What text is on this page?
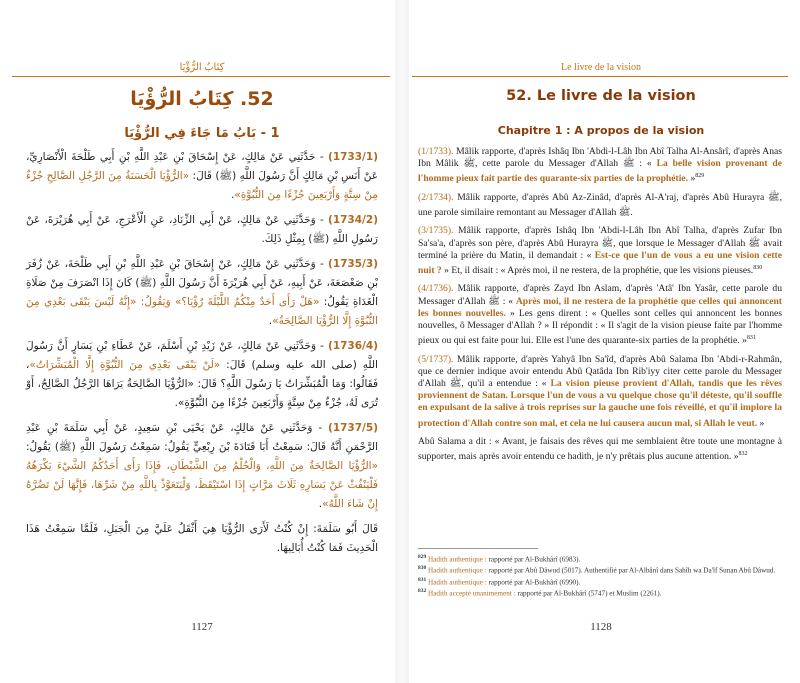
كِتَابُ الرُّؤْيَا
52. كِتَابُ الرُّؤْيَا
1 - بَابُ مَا جَاءَ فِي الرُّؤْيَا

(1733/1) - حَدَّثَنِي عَنْ مَالِكٍ، عَنْ إِسْحَاقَ بْنِ عَبْدِ اللَّهِ بْنِ أَبِي طَلْحَةَ الْأَنْصَارِيِّ، عَنْ أَنَسِ بْنِ مَالِكٍ أَنَّ رَسُولَ اللَّهِ (ﷺ) قَالَ: «الرُّؤْيَا الْحَسَنَةُ مِنَ الرَّجُلِ الصَّالِحِ جُزْءٌ مِنْ سِتَّةٍ وَأَرْبَعِينَ جُزْءًا مِنَ النُّبُوَّةِ».

(1734/2) - وَحَدَّثَنِي عَنْ مَالِكٍ، عَنْ أَبِي الزِّنَادِ، عَنِ الْأَعْرَجِ، عَنْ أَبِي هُرَيْرَةَ، عَنْ رَسُولِ اللَّهِ (ﷺ) بِمِثْلِ ذَلِكَ.

(1735/3) - وَحَدَّثَنِي عَنْ مَالِكٍ، عَنْ إِسْحَاقَ بْنِ عَبْدِ اللَّهِ بْنِ أَبِي طَلْحَةَ، عَنْ زُفَرَ بْنِ صَعْصَعَةَ، عَنْ أَبِيهِ، عَنْ أَبِي هُرَيْرَةَ أَنَّ رَسُولَ اللَّهِ (ﷺ) كَانَ إِذَا انْصَرَفَ مِنْ صَلَاةِ الْغَدَاةِ يَقُولُ: «هَلْ رَأَى أَحَدٌ مِنْكُمُ اللَّيْلَةَ رُؤْيَا؟» وَيَقُولُ: «إِنَّهُ لَيْسَ يَبْقَى بَعْدِي مِنَ النُّبُوَّةِ إِلَّا الرُّؤْيَا الصَّالِحَةُ».

(1736/4) - وَحَدَّثَنِي عَنْ مَالِكٍ، عَنْ زَيْدِ بْنِ أَسْلَمَ، عَنْ عَطَاءِ بْنِ يَسَارٍ أَنَّ رَسُولَ اللَّهِ (صلى الله عليه وسلم) قَالَ: «لَنْ يَبْقَى بَعْدِي مِنَ النُّبُوَّةِ إِلَّا الْمُبَشِّرَاتُ»، فَقَالُوا: وَمَا الْمُبَشِّرَاتُ يَا رَسُولَ اللَّهِ؟ قَالَ: «الرُّؤْيَا الصَّالِحَةُ يَرَاهَا الرَّجُلُ الصَّالِحُ، أَوْ تُرَى لَهُ، جُزْءٌ مِنْ سِتَّةٍ وَأَرْبَعِينَ جُزْءًا مِنَ النُّبُوَّةِ».

(1737/5) - وَحَدَّثَنِي عَنْ مَالِكٍ، عَنْ يَحْيَى بْنِ سَعِيدٍ، عَنْ أَبِي سَلَمَةَ بْنِ عَبْدِ الرَّحْمَنِ أَنَّهُ قَالَ: سَمِعْتُ أَبَا قَتَادَةَ بْنَ رِبْعِيٍّ يَقُولُ: سَمِعْتُ رَسُولَ اللَّهِ (ﷺ) يَقُولُ: «الرُّؤْيَا الصَّالِحَةُ مِنَ اللَّهِ، وَالْحُلْمُ مِنَ الشَّيْطَانِ، فَإِذَا رَأَى أَحَدُكُمُ الشَّيْءَ يَكْرَهُهُ فَلْيَنْفُثْ عَنْ يَسَارِهِ ثَلَاثَ مَرَّاتٍ إِذَا اسْتَيْقَظَ، وَلْيَتَعَوَّذْ بِاللَّهِ مِنْ شَرِّهَا، فَإِنَّهَا لَنْ تَضُرَّهُ إِنْ شَاءَ اللَّهُ».

قَالَ أَبُو سَلَمَةَ: إِنْ كُنْتُ لَأَرَى الرُّؤْيَا هِيَ أَثْقَلُ عَلَيَّ مِنَ الْجَبَلِ، فَلَمَّا سَمِعْتُ هَذَا الْحَدِيثَ فَمَا كُنْتُ أُبَالِيهَا.

1127
Le livre de la vision
52. Le livre de la vision
Chapitre 1 : A propos de la vision

(1/1733). Mâlik rapporte, d'après Ishâq Ibn 'Abdi-l-Lâh Ibn Abî Talha Al-Ansârî, d'après Anas Ibn Mâlik ﷺ, cette parole du Messager d'Allah ﷺ : « La belle vision provenant de l'homme pieux fait partie des quarante-six parties de la prophétie. »$^{829}$

(2/1734). Mâlik rapporte, d'après Abû Az-Zinâd, d'après Al-A'raj, d'après Abû Hurayra ﷺ, une parole similaire remontant au Messager d'Allah ﷺ.

(3/1735). Mâlik rapporte, d'après Ishâq Ibn 'Abdi-l-Lâh Ibn Abî Talha, d'après Zufar Ibn Sa'sa'a, d'après son père, d'après Abû Hurayra ﷺ, que lorsque le Messager d'Allah ﷺ avait terminé la prière du Matin, il demandait : « Est-ce que l'un de vous a eu une vision cette nuit ? » Et, il disait : « Après moi, il ne restera, de la prophétie, que les visions pieuses.$^{830}$

(4/1736). Mâlik rapporte, d'après Zayd Ibn Aslam, d'après 'Atâ' Ibn Yasâr, cette parole du Messager d'Allah ﷺ : « Après moi, il ne restera de la prophétie que celles qui annoncent les bonnes nouvelles. » Les gens dirent : « Quelles sont celles qui annoncent les bonnes nouvelles, ô Messager d'Allah ? » Il répondit : « Il s'agit de la vision pieuse faite par l'homme pieux ou qui est faite pour lui. Elle est l'une des quarante-six parties de la prophétie. »$^{831}$

(5/1737). Mâlik rapporte, d'après Yahyâ Ibn Sa'îd, d'après Abû Salama Ibn 'Abdi-r-Rahmân, que ce dernier indique avoir entendu Abû Qatâda Ibn Rib'iyy citer cette parole du Messager d'Allah ﷺ, qu'il a entendue : « La vision pieuse provient d'Allah, tandis que les rêves proviennent de Satan. Lorsque l'un de vous a vu quelque chose qu'il déteste, qu'il souffle en expulsant de la salive à trois reprises sur la gauche une fois réveillé, et qu'il implore la protection d'Allah contre son mal, et cela ne lui causera aucun mal, si Allah le veut. »

Abû Salama a dit : « Avant, je faisais des rêves qui me semblaient être toute une montagne à supporter, mais après avoir entendu ce hadith, je n'y prêtais plus aucune attention. »$^{832}$

$^{829}$ Hadith authentique : rapporté par Al-Bukhârî (6983).
$^{830}$ Hadith authentique : rapporté par Abû Dâwud (5017). Authentifié par Al-Albânî dans Sahîh wa Da'îf Sunan Abû Dâwud.
$^{831}$ Hadith authentique : rapporté par Al-Bukhârî (6990).
$^{832}$ Hadith accepté unanimement : rapporté par Al-Bukhârî (5747) et Muslim (2261).
1128
